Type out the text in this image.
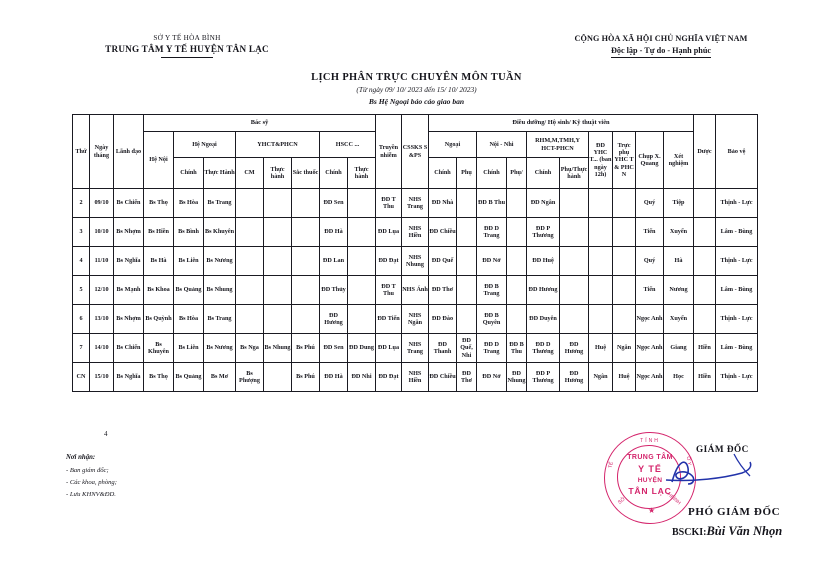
SỞ Y TẾ HÒA BÌNH
TRUNG TÂM Y TẾ HUYỆN TÂN LẠC
CỘNG HÒA XÃ HỘI CHỦ NGHĨA VIỆT NAM
Độc lập - Tự do - Hạnh phúc
LỊCH PHÂN TRỰC CHUYÊN MÔN TUẦN
(Từ ngày 09/ 10/ 2023 đến 15/ 10/ 2023)
Bs Hệ Ngoại báo cáo giao ban
Thứ	Ngày tháng	Lãnh đạo	Bác sỹ								Truyền nhiễm	CSSKS S &PS	Điều dưỡng/ Hộ sinh/ Kỹ thuật viên										Dược	Bảo vệ
			Hệ Nội	Hệ Ngoại		YHCT&PHCN			HSCC ...				Ngoại		Nội - Nhi		RHM,M,TMH,Y HCT-PHCN		ĐD YHC T... (ban ngày 12h)	Trực phụ YHC T & PHC N	Chụp X. Quang	Xét nghiệm		
				Chính	Thực Hành	CM	Thực hành	Sắc thuốc	Chính	Thực hành			Chính	Phụ	Chính	Phụ/	Chính	Phụ/Thực hành						
2	09/10	Bs Chiến	Bs Thọ	Bs Hòa	Bs Trang				ĐD Sen		ĐD T Thu	NHS Trang	ĐD Nhà		ĐD B Thu		ĐD Ngân				Quý	Tiệp		Thịnh - Lực
3	10/10	Bs Nhợm	Bs Hiền	Bs Bình	Bs Khuyên				ĐD Hà		ĐD Lụa	NHS Hiền	ĐD Chiều		ĐD D Trang		ĐD P Thương				Tiến	Xuyến		Lâm - Bùng
4	11/10	Bs Nghĩa	Bs Hà	Bs Liên	Bs Nương				ĐD Lan		ĐD Đạt	NHS Nhung	ĐD Quế		ĐD Nở		ĐD Huệ				Quý	Hà		Thịnh - Lực
5	12/10	Bs Mạnh	Bs Khoa	Bs Quảng	Bs Nhung				ĐD Thủy		ĐD T Thu	NHS Ánh	ĐD Thơ		ĐD B Trang		ĐD Hương				Tiến	Nương		Lâm - Bùng
6	13/10	Bs Nhợm	Bs Quỳnh	Bs Hòa	Bs Trang				ĐD Hương		ĐD Tiến	NHS Ngân	ĐD Đào		ĐD B Quyên		ĐD Duyên				Ngọc Anh	Xuyến		Thịnh - Lực
7	14/10	Bs Chiến	Bs Khuyên	Bs Liên	Bs Nương	Bs Nga	Bs Nhung	Bs Phú	ĐD Sen	ĐD Dung	ĐD Lụa	NHS Trang	ĐD Thanh	ĐD Quế, Nhi	ĐD D Trang	ĐD B Thu	ĐD D Thương	ĐD Hương	Huệ	Ngân	Ngọc Anh	Giang	Hiền	Lâm - Bùng
CN	15/10	Bs Nghĩa	Bs Thọ	Bs Quảng	Bs Mơ	Bs Phượng		Bs Phú	ĐD Hà	ĐD Nhi	ĐD Đạt	NHS Hiền	ĐD Chiều	ĐD Thơ	ĐD Nở	ĐD Nhung	ĐD P Thương	ĐD Hương	Ngân	Huệ	Ngọc Anh	Học	Hiền	Thịnh - Lực
4
Nơi nhận:
- Ban giám đốc;
- Các khoa, phòng;
- Lưu KHNV&ĐD.
TỈNH
TẾ	Ở Y
SỞ	HBÌNH
TRUNG TÂM
Y TẾ
HUYỆN
TÂN LẠC
★
GIÁM ĐỐC
PHÓ GIÁM ĐỐC
BSCKI:Bùi Văn Nhọn
